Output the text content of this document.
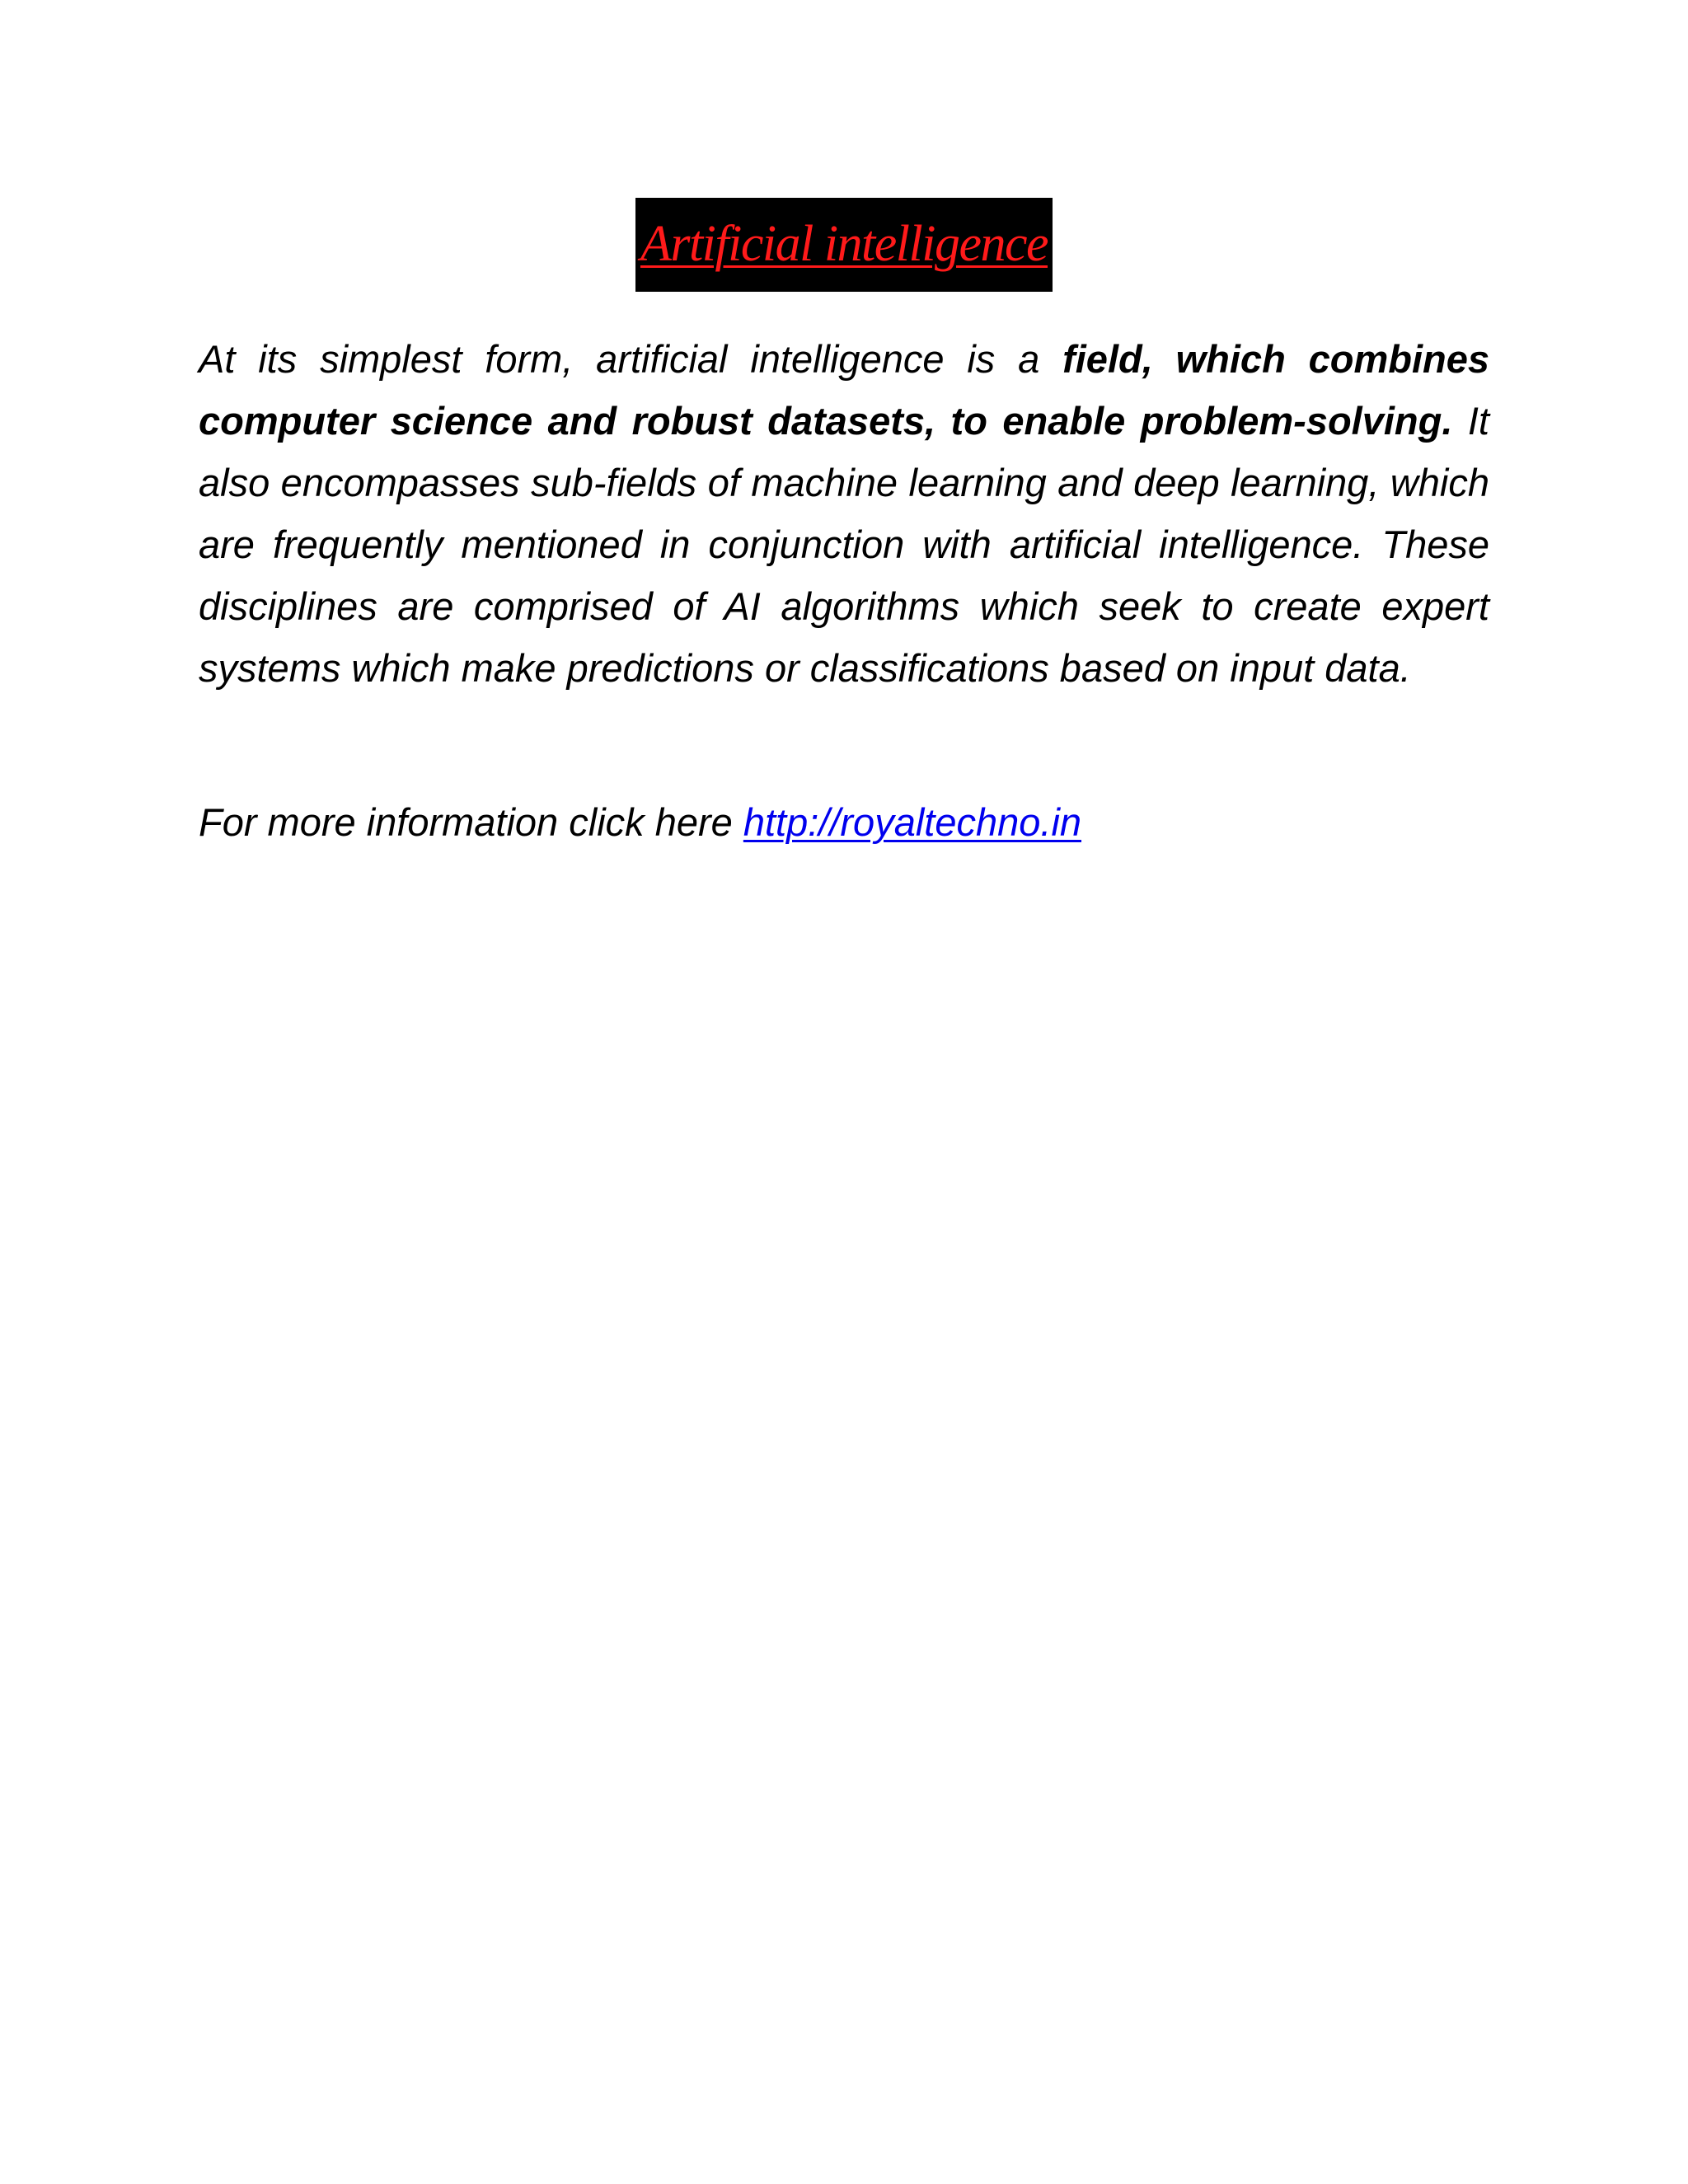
Artificial intelligence

At its simplest form, artificial intelligence is a field, which combines computer science and robust datasets, to enable problem-solving. It also encompasses sub-fields of machine learning and deep learning, which are frequently mentioned in conjunction with artificial intelligence. These disciplines are comprised of AI algorithms which seek to create expert systems which make predictions or classifications based on input data.

For more information click here http://royaltechno.in
